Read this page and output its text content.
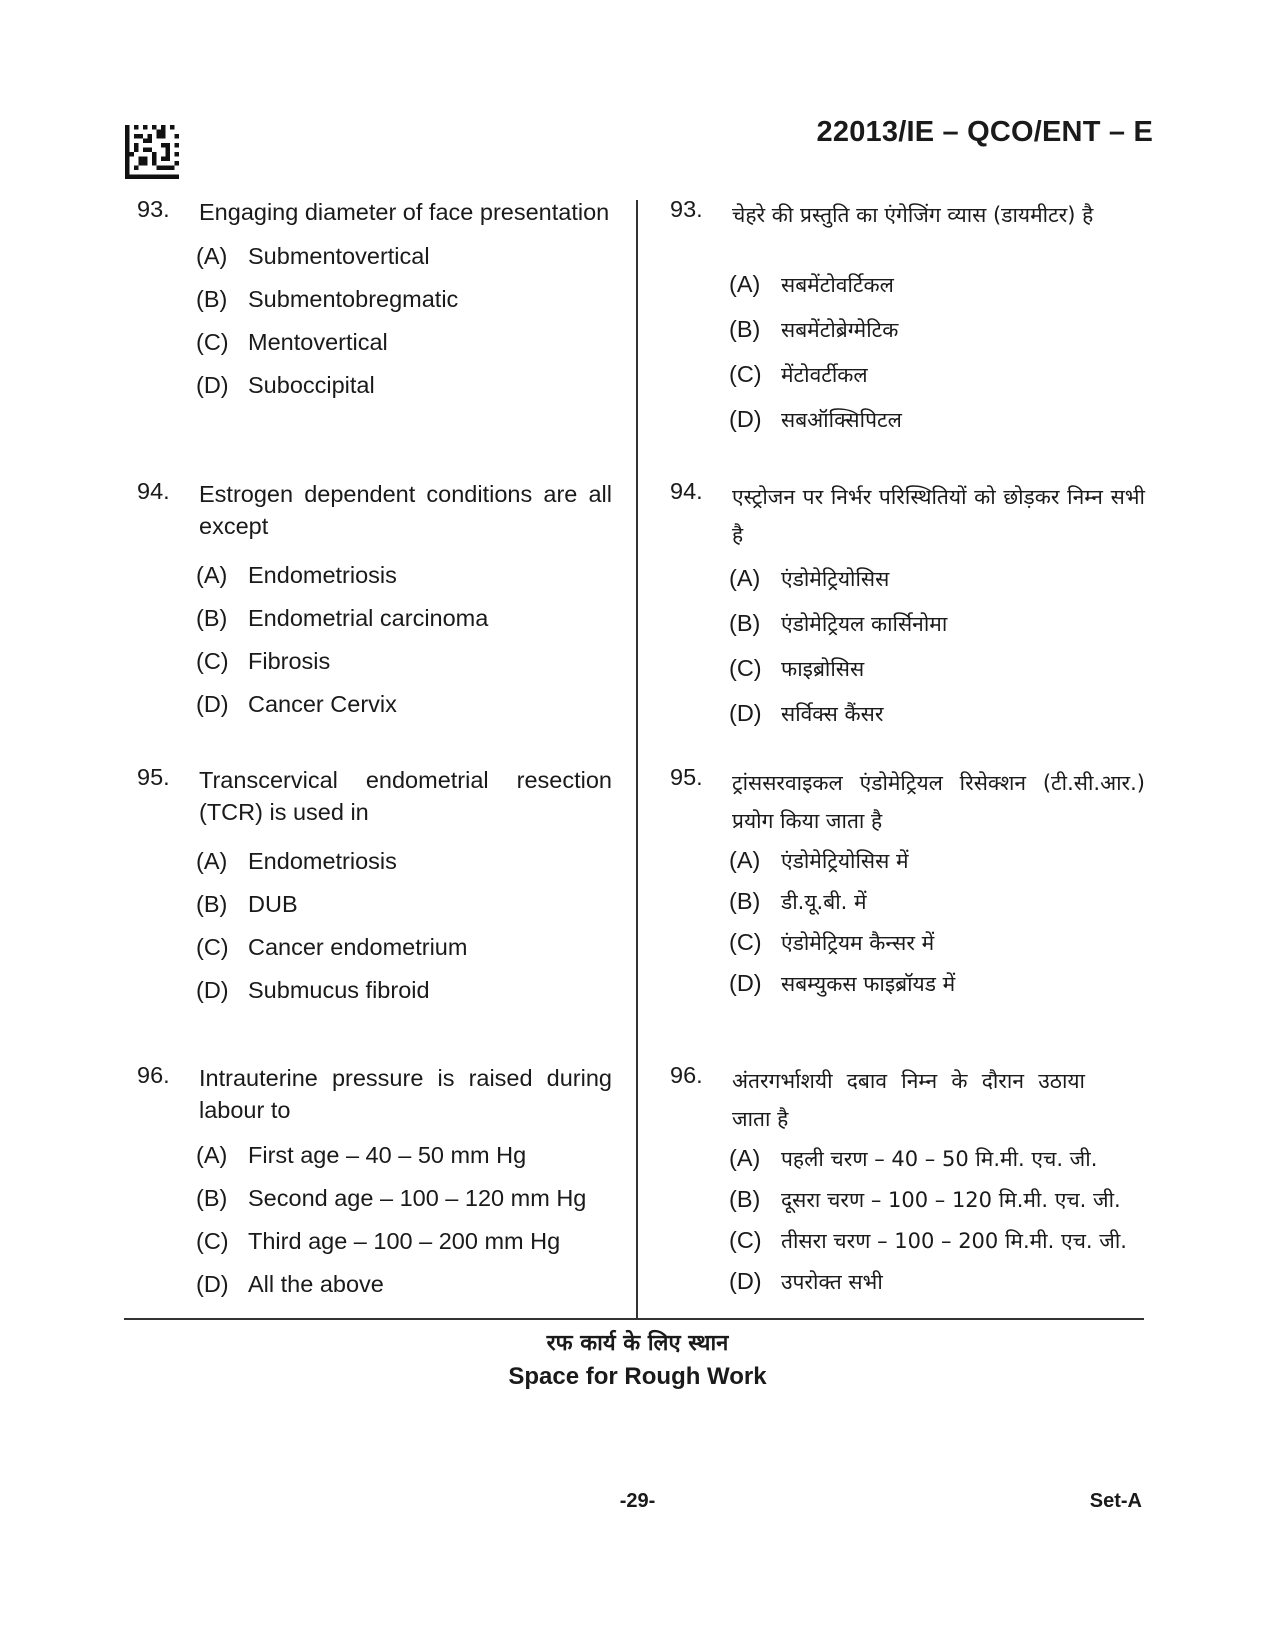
22013/IE – QCO/ENT – E
93.	Engaging diameter of face presentation
(A) Submentovertical
(B) Submentobregmatic
(C) Mentovertical
(D) Suboccipital
94.	Estrogen dependent conditions are all except
(A) Endometriosis
(B) Endometrial carcinoma
(C) Fibrosis
(D) Cancer Cervix
95.	Transcervical endometrial resection (TCR) is used in
(A) Endometriosis
(B) DUB
(C) Cancer endometrium
(D) Submucus fibroid
96.	Intrauterine pressure is raised during labour to
(A) First age – 40 – 50 mm Hg
(B) Second age – 100 – 120 mm Hg
(C) Third age – 100 – 200 mm Hg
(D) All the above
93.	चेहरे की प्रस्तुति का एंगेजिंग व्यास (डायमीटर) है
(A) सबमेंटोवर्टिकल
(B) सबमेंटोब्रेग्मेटिक
(C) मेंटोवर्टीकल
(D) सबऑक्सिपिटल
94.	एस्ट्रोजन पर निर्भर परिस्थितियों को छोड़कर निम्न सभी है
(A) एंडोमेट्रियोसिस
(B) एंडोमेट्रियल कार्सिनोमा
(C) फाइब्रोसिस
(D) सर्विक्स कैंसर
95.	ट्रांससरवाइकल एंडोमेट्रियल रिसेक्शन (टी.सी.आर.) प्रयोग किया जाता है
(A) एंडोमेट्रियोसिस में
(B) डी.यू.बी. में
(C) एंडोमेट्रियम कैन्सर में
(D) सबम्युकस फाइब्रॉयड में
96.	अंतरगर्भाशयी दबाव निम्न के दौरान उठाया जाता है
(A) पहली चरण – 40 – 50 मि.मी. एच. जी.
(B) दूसरा चरण – 100 – 120 मि.मी. एच. जी.
(C) तीसरा चरण – 100 – 200 मि.मी. एच. जी.
(D) उपरोक्त सभी
रफ कार्य के लिए स्थान
Space for Rough Work
-29-	Set-A
